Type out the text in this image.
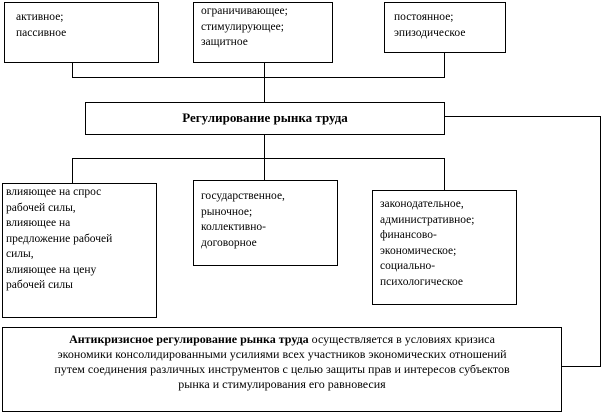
активное;
пассивное
ограничивающее;
стимулирующее;
защитное
постоянное;
эпизодическое
Регулирование рынка труда
влияющее на спрос
рабочей силы,
влияющее на
предложение рабочей
силы,
влияющее на цену
рабочей силы
государственное,
рыночное;
коллективно-
договорное
законодательное,
административное;
финансово-
экономическое;
социально-
психологическое
Антикризисное регулирование рынка труда осуществляется в условиях кризиса
экономики консолидированными усилиями всех участников экономических отношений
путем соединения различных инструментов с целью защиты прав и интересов субъектов
рынка и стимулирования его равновесия
